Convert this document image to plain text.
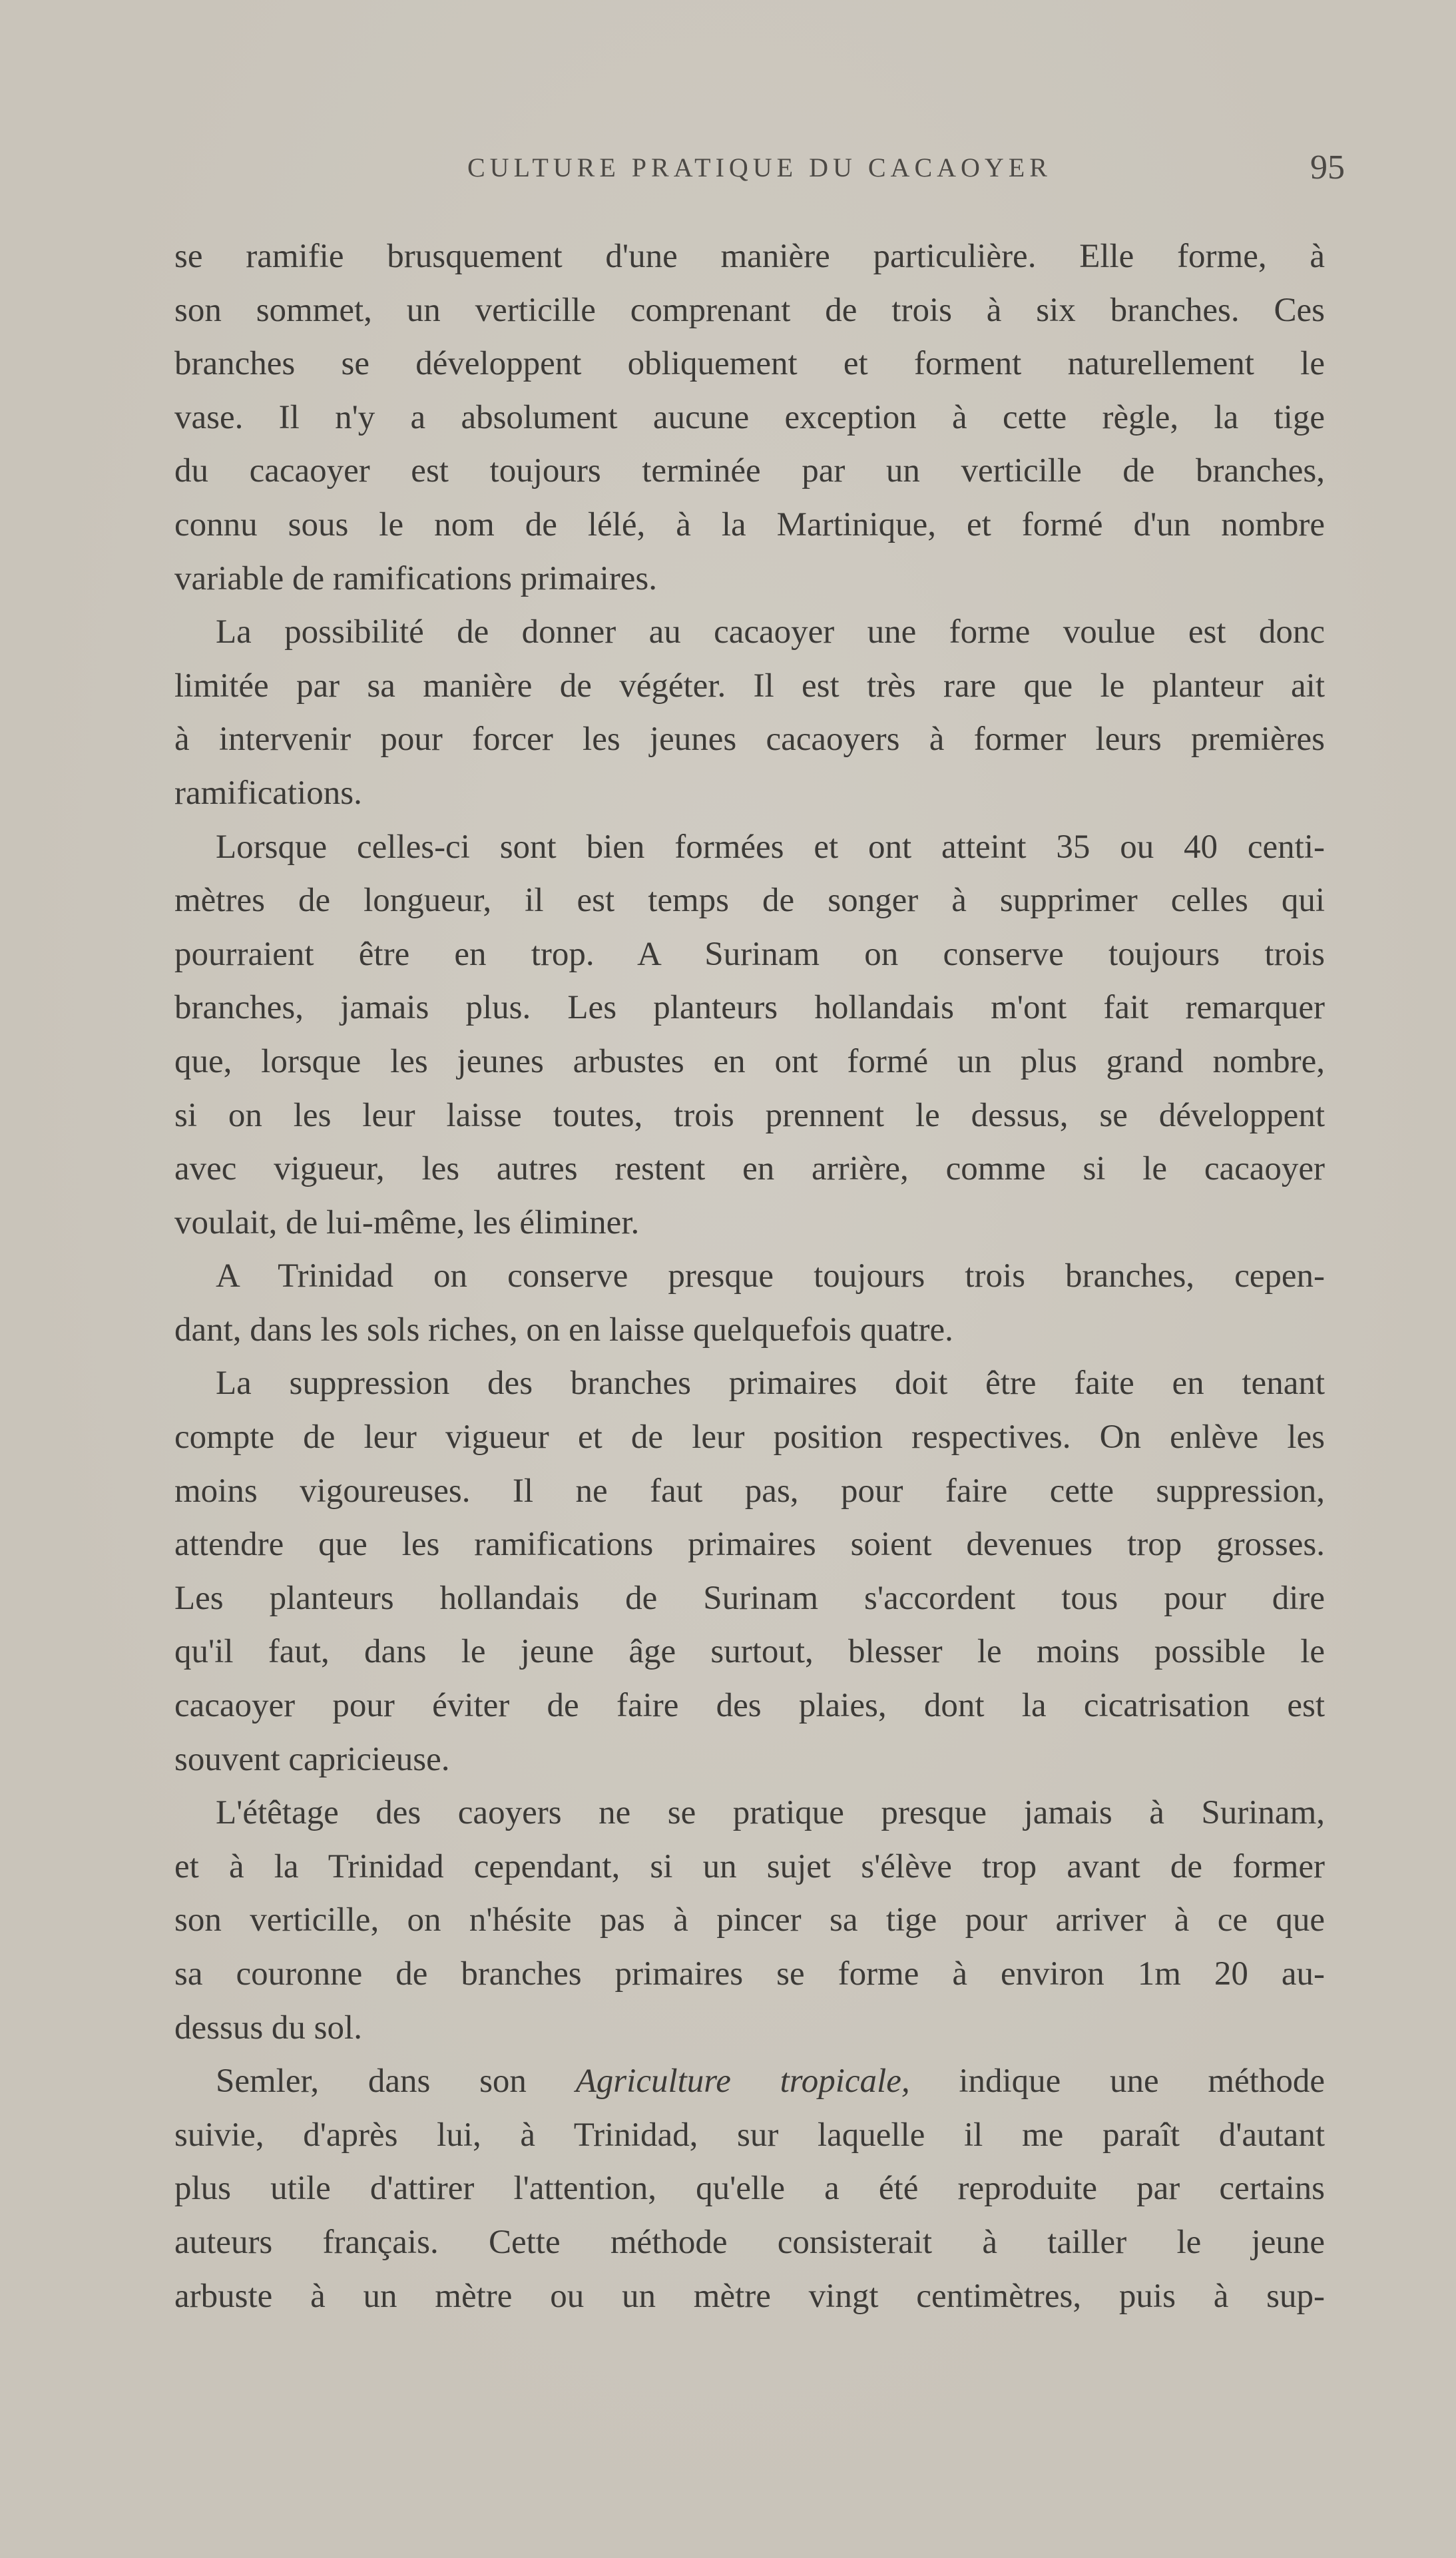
CULTURE PRATIQUE DU CACAOYER	95
se ramifie brusquement d'une manière particulière. Elle forme, à
son sommet, un verticille comprenant de trois à six branches. Ces
branches se développent obliquement et forment naturellement le
vase. Il n'y a absolument aucune exception à cette règle, la tige
du cacaoyer est toujours terminée par un verticille de branches,
connu sous le nom de lélé, à la Martinique, et formé d'un nombre
variable de ramifications primaires.
La possibilité de donner au cacaoyer une forme voulue est donc
limitée par sa manière de végéter. Il est très rare que le planteur ait
à intervenir pour forcer les jeunes cacaoyers à former leurs premières
ramifications.
Lorsque celles-ci sont bien formées et ont atteint 35 ou 40 centi-
mètres de longueur, il est temps de songer à supprimer celles qui
pourraient être en trop. A Surinam on conserve toujours trois
branches, jamais plus. Les planteurs hollandais m'ont fait remarquer
que, lorsque les jeunes arbustes en ont formé un plus grand nombre,
si on les leur laisse toutes, trois prennent le dessus, se développent
avec vigueur, les autres restent en arrière, comme si le cacaoyer
voulait, de lui-même, les éliminer.
A Trinidad on conserve presque toujours trois branches, cepen-
dant, dans les sols riches, on en laisse quelquefois quatre.
La suppression des branches primaires doit être faite en tenant
compte de leur vigueur et de leur position respectives. On enlève les
moins vigoureuses. Il ne faut pas, pour faire cette suppression,
attendre que les ramifications primaires soient devenues trop grosses.
Les planteurs hollandais de Surinam s'accordent tous pour dire
qu'il faut, dans le jeune âge surtout, blesser le moins possible le
cacaoyer pour éviter de faire des plaies, dont la cicatrisation est
souvent capricieuse.
L'étêtage des caoyers ne se pratique presque jamais à Surinam,
et à la Trinidad cependant, si un sujet s'élève trop avant de former
son verticille, on n'hésite pas à pincer sa tige pour arriver à ce que
sa couronne de branches primaires se forme à environ 1m 20 au-
dessus du sol.
Semler, dans son Agriculture tropicale, indique une méthode
suivie, d'après lui, à Trinidad, sur laquelle il me paraît d'autant
plus utile d'attirer l'attention, qu'elle a été reproduite par certains
auteurs français. Cette méthode consisterait à tailler le jeune
arbuste à un mètre ou un mètre vingt centimètres, puis à sup-
